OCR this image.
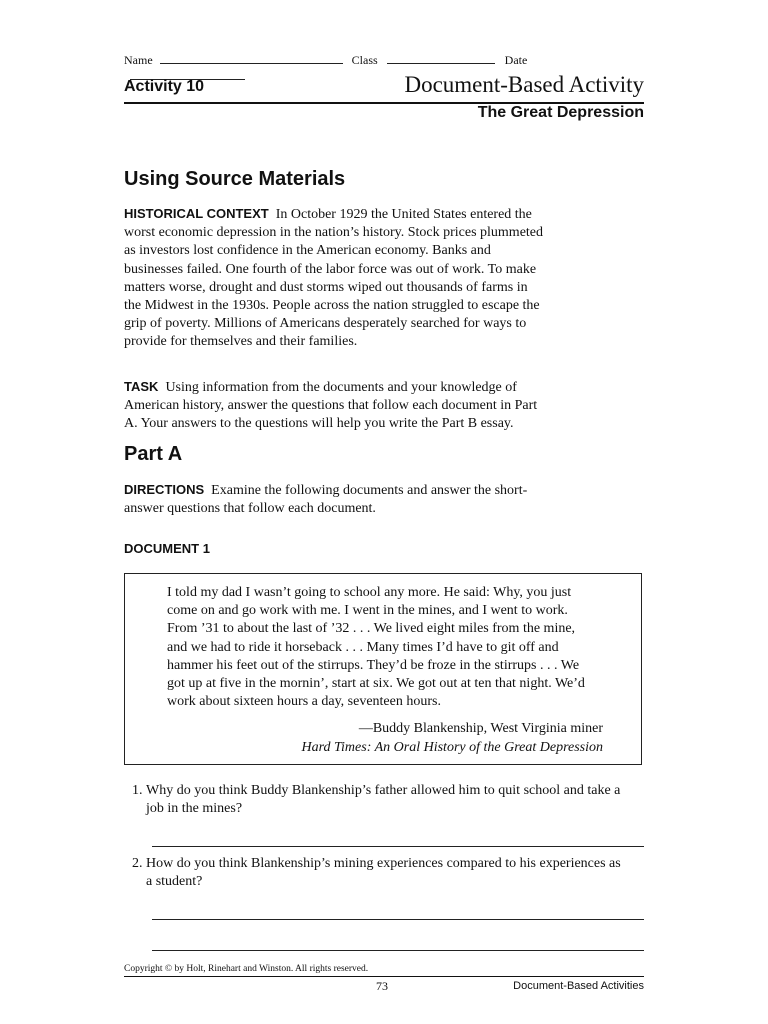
Name	Class	Date
Activity 10	Document-Based Activity
The Great Depression
Using Source Materials
HISTORICAL CONTEXT In October 1929 the United States entered the
worst economic depression in the nation’s history. Stock prices plummeted
as investors lost confidence in the American economy. Banks and
businesses failed. One fourth of the labor force was out of work. To make
matters worse, drought and dust storms wiped out thousands of farms in
the Midwest in the 1930s. People across the nation struggled to escape the
grip of poverty. Millions of Americans desperately searched for ways to
provide for themselves and their families.
TASK Using information from the documents and your knowledge of
American history, answer the questions that follow each document in Part
A. Your answers to the questions will help you write the Part B essay.
Part A
DIRECTIONS Examine the following documents and answer the short-
answer questions that follow each document.
DOCUMENT 1
I told my dad I wasn’t going to school any more. He said: Why, you just
come on and go work with me. I went in the mines, and I went to work.
From ’31 to about the last of ’32 . . . We lived eight miles from the mine,
and we had to ride it horseback . . . Many times I’d have to git off and
hammer his feet out of the stirrups. They’d be froze in the stirrups . . . We
got up at five in the mornin’, start at six. We got out at ten that night. We’d
work about sixteen hours a day, seventeen hours.
—Buddy Blankenship, West Virginia miner
Hard Times: An Oral History of the Great Depression
1. Why do you think Buddy Blankenship’s father allowed him to quit school and take a
job in the mines?
2. How do you think Blankenship’s mining experiences compared to his experiences as
a student?
Copyright © by Holt, Rinehart and Winston. All rights reserved.
73	Document-Based Activities
